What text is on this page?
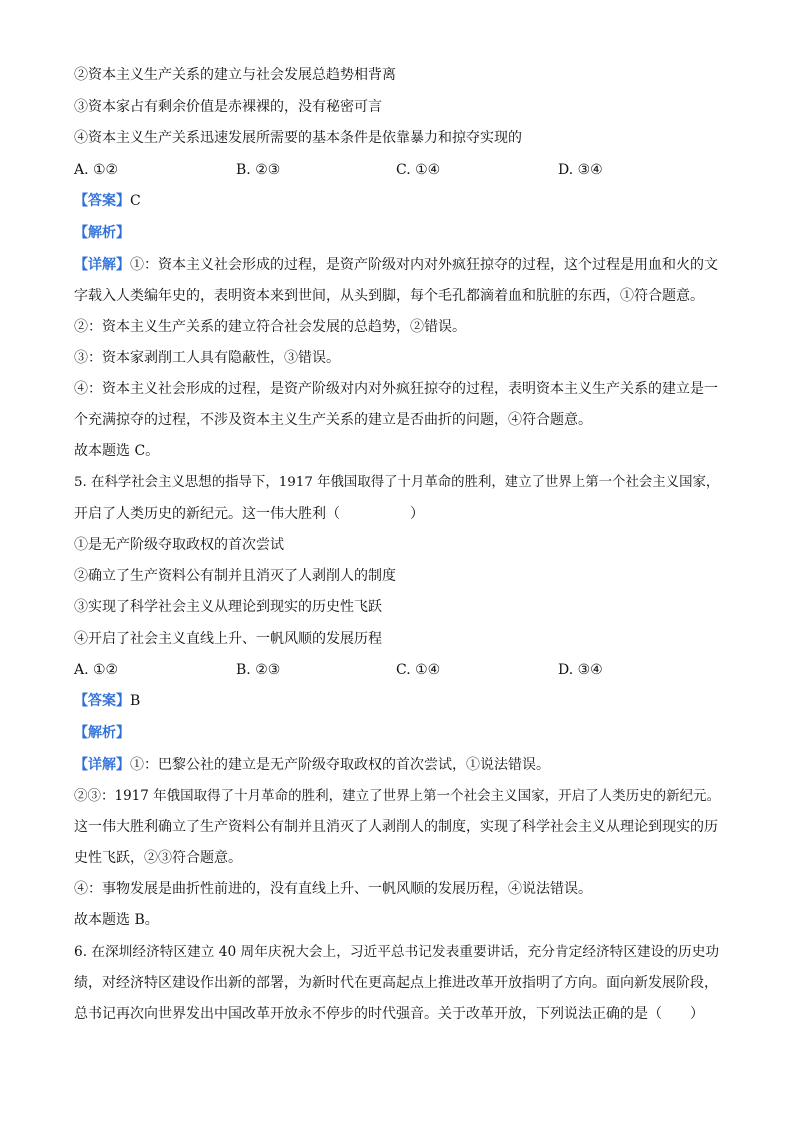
②资本主义生产关系的建立与社会发展总趋势相背离
③资本家占有剩余价值是赤裸裸的，没有秘密可言
④资本主义生产关系迅速发展所需要的基本条件是依靠暴力和掠夺实现的
A. ①②	B. ②③	C. ①④	D. ③④
【答案】C
【解析】
【详解】①：资本主义社会形成的过程，是资产阶级对内对外疯狂掠夺的过程，这个过程是用血和火的文
字载入人类编年史的，表明资本来到世间，从头到脚，每个毛孔都滴着血和肮脏的东西，①符合题意。
②：资本主义生产关系的建立符合社会发展的总趋势，②错误。
③：资本家剥削工人具有隐蔽性，③错误。
④：资本主义社会形成的过程，是资产阶级对内对外疯狂掠夺的过程，表明资本主义生产关系的建立是一
个充满掠夺的过程，不涉及资本主义生产关系的建立是否曲折的问题，④符合题意。
故本题选 C。
5. 在科学社会主义思想的指导下，1917 年俄国取得了十月革命的胜利，建立了世界上第一个社会主义国家，
开启了人类历史的新纪元。这一伟大胜利（　　　　　）
①是无产阶级夺取政权的首次尝试
②确立了生产资料公有制并且消灭了人剥削人的制度
③实现了科学社会主义从理论到现实的历史性飞跃
④开启了社会主义直线上升、一帆风顺的发展历程
A. ①②	B. ②③	C. ①④	D. ③④
【答案】B
【解析】
【详解】①：巴黎公社的建立是无产阶级夺取政权的首次尝试，①说法错误。
②③：1917 年俄国取得了十月革命的胜利，建立了世界上第一个社会主义国家，开启了人类历史的新纪元。
这一伟大胜利确立了生产资料公有制并且消灭了人剥削人的制度，实现了科学社会主义从理论到现实的历
史性飞跃，②③符合题意。
④：事物发展是曲折性前进的，没有直线上升、一帆风顺的发展历程，④说法错误。
故本题选 B。
6. 在深圳经济特区建立 40 周年庆祝大会上，习近平总书记发表重要讲话，充分肯定经济特区建设的历史功
绩，对经济特区建设作出新的部署，为新时代在更高起点上推进改革开放指明了方向。面向新发展阶段，
总书记再次向世界发出中国改革开放永不停步的时代强音。关于改革开放，下列说法正确的是（　　）
